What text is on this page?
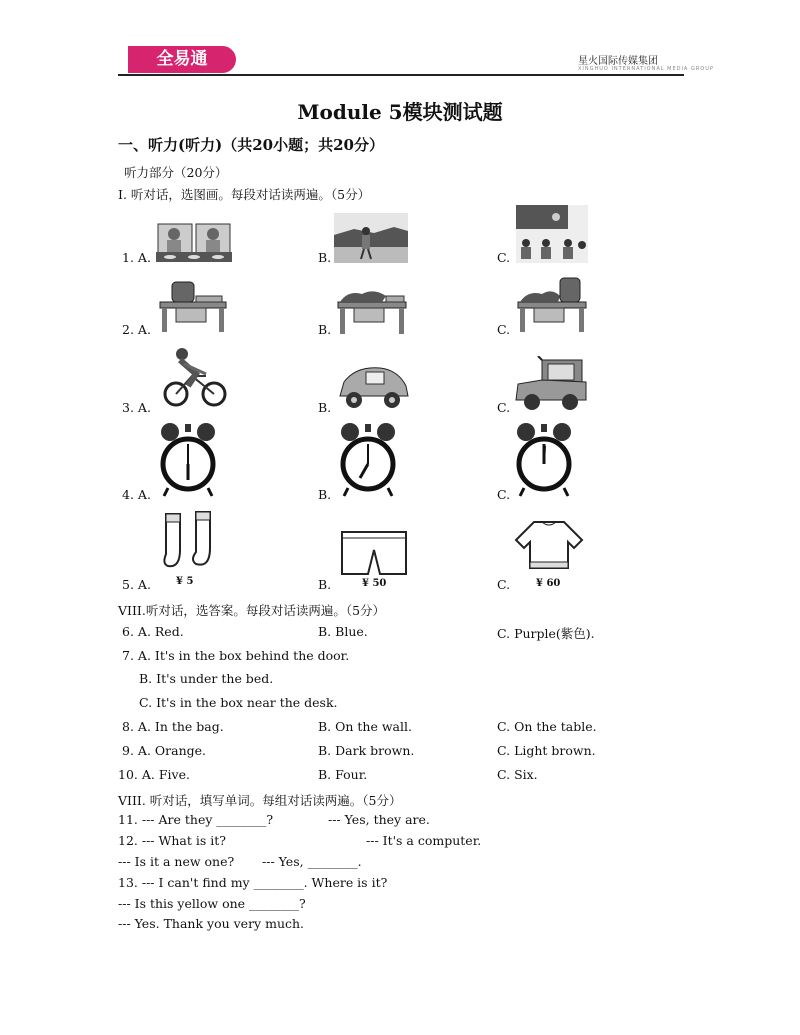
全易通	星火国际传媒集团
XINGHUO INTERNATIONAL MEDIA GROUP
Module 5模块测试题
一、听力(听力)（共20小题；共20分）
听力部分（20分）
I. 听对话，选图画。每段对话读两遍。（5分）
1. A.	B.	C.
2. A.	B.	C.
3. A.	B.	C.
4. A.	B.	C.
5. A.	B.	C.
¥ 5	¥ 50	¥ 60
VIII.听对话，选答案。每段对话读两遍。（5分）
6. A. Red.	B. Blue.	C. Purple(紫色).
7. A. It's in the box behind the door.
B. It's under the bed.
C. It's in the box near the desk.
8. A. In the bag.	B. On the wall.	C. On the table.
9. A. Orange.	B. Dark brown.	C. Light brown.
10. A. Five.	B. Four.	C. Six.
VIII. 听对话，填写单词。每组对话读两遍。（5分）
11. --- Are they ________?	--- Yes, they are.
12. --- What is it?	--- It's a computer.
--- Is it a new one? --- Yes, ________.
13. --- I can't find my ________. Where is it?
--- Is this yellow one ________?
--- Yes. Thank you very much.
